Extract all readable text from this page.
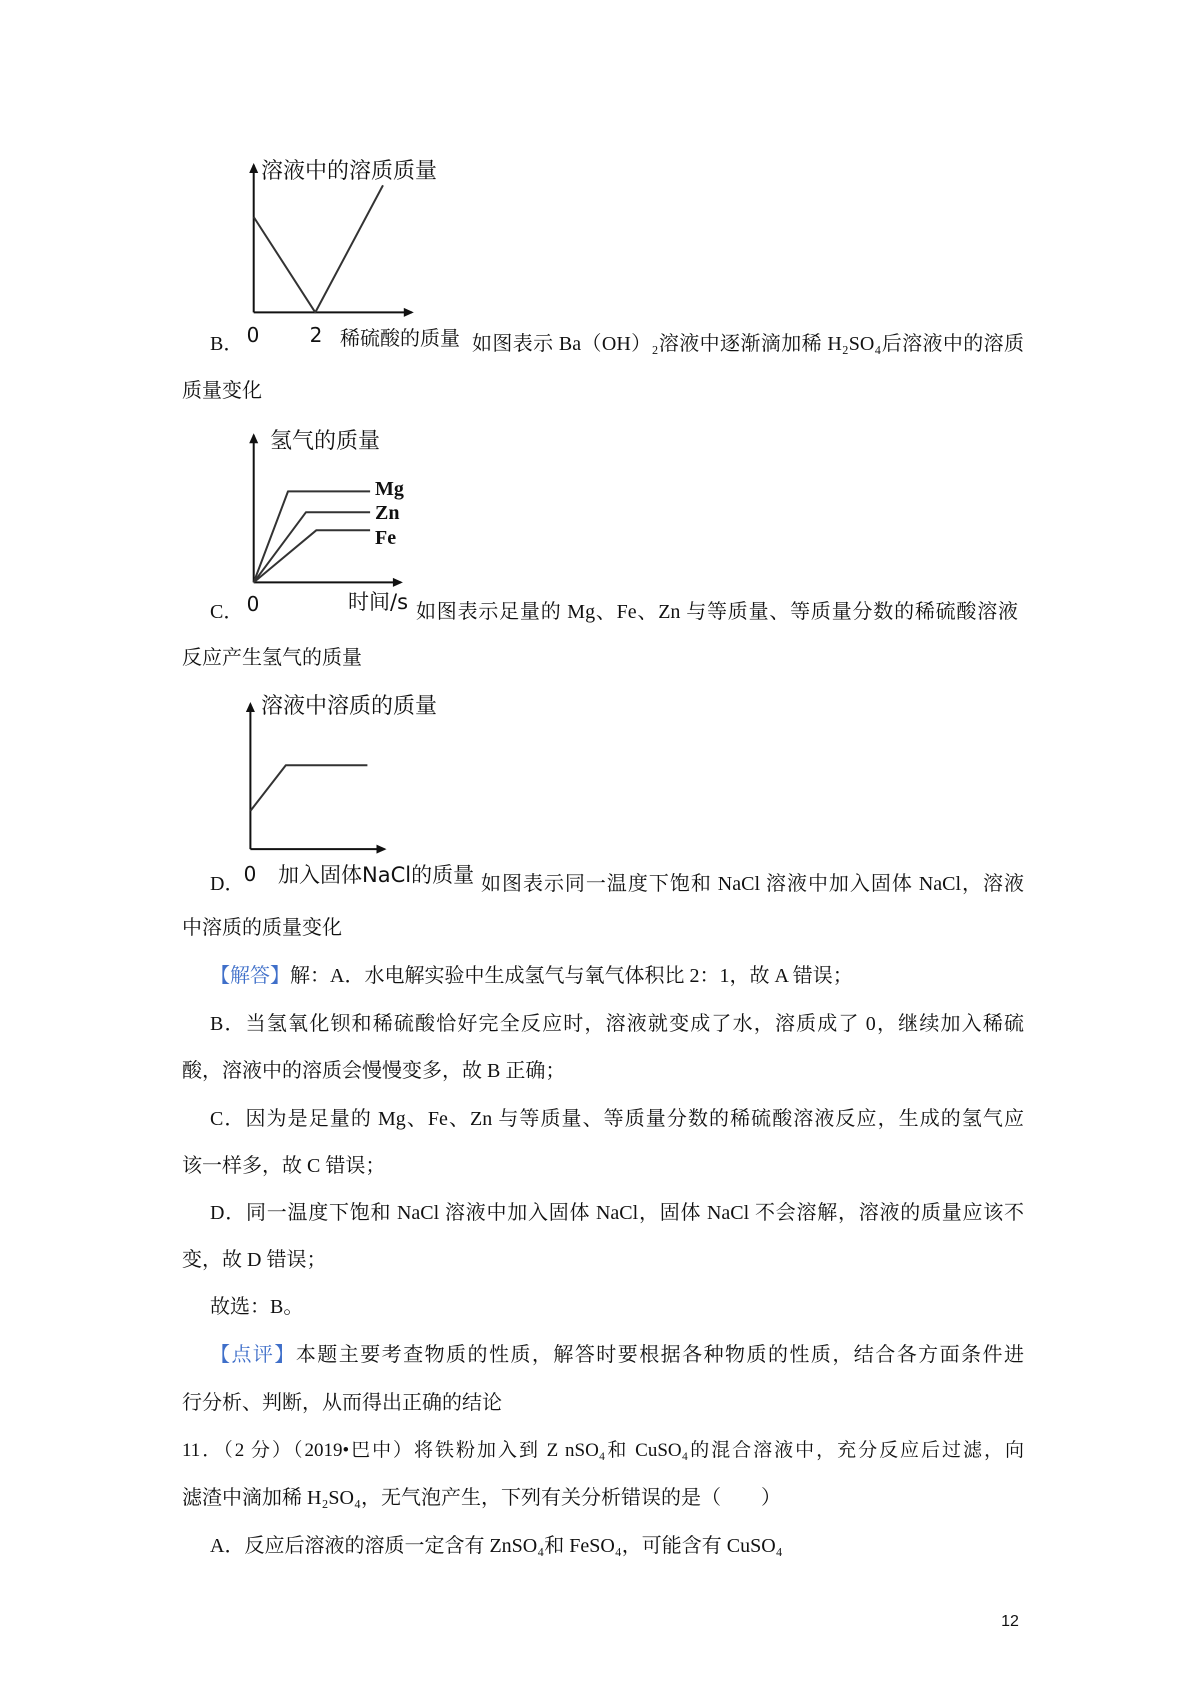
溶液中的溶质质量
0	2 稀硫酸的质量
B．	如图表示 Ba（OH）₂溶液中逐渐滴加稀 H₂SO₄后溶液中的溶质
质量变化
氢气的质量
Mg
Zn
Fe
0	时间/s
C．	如图表示足量的 Mg、Fe、Zn 与等质量、等质量分数的稀硫酸溶液
反应产生氢气的质量
溶液中溶质的质量
0 加入固体NaCl的质量
D．	如图表示同一温度下饱和 NaCl 溶液中加入固体 NaCl，溶液
中溶质的质量变化
【解答】解：A．水电解实验中生成氢气与氧气体积比 2：1，故 A 错误；
B．当氢氧化钡和稀硫酸恰好完全反应时，溶液就变成了水，溶质成了 0，继续加入稀硫
酸，溶液中的溶质会慢慢变多，故 B 正确；
C．因为是足量的 Mg、Fe、Zn 与等质量、等质量分数的稀硫酸溶液反应，生成的氢气应
该一样多，故 C 错误；
D．同一温度下饱和 NaCl 溶液中加入固体 NaCl，固体 NaCl 不会溶解，溶液的质量应该不
变，故 D 错误；
故选：B。
【点评】本题主要考查物质的性质，解答时要根据各种物质的性质，结合各方面条件进
行分析、判断，从而得出正确的结论
11．（2 分）（2019•巴中）将铁粉加入到 Z nSO₄和 CuSO₄的混合溶液中，充分反应后过滤，向
滤渣中滴加稀 H₂SO₄，无气泡产生，下列有关分析错误的是（　　）
A．反应后溶液的溶质一定含有 ZnSO₄和 FeSO₄，可能含有 CuSO₄
12
